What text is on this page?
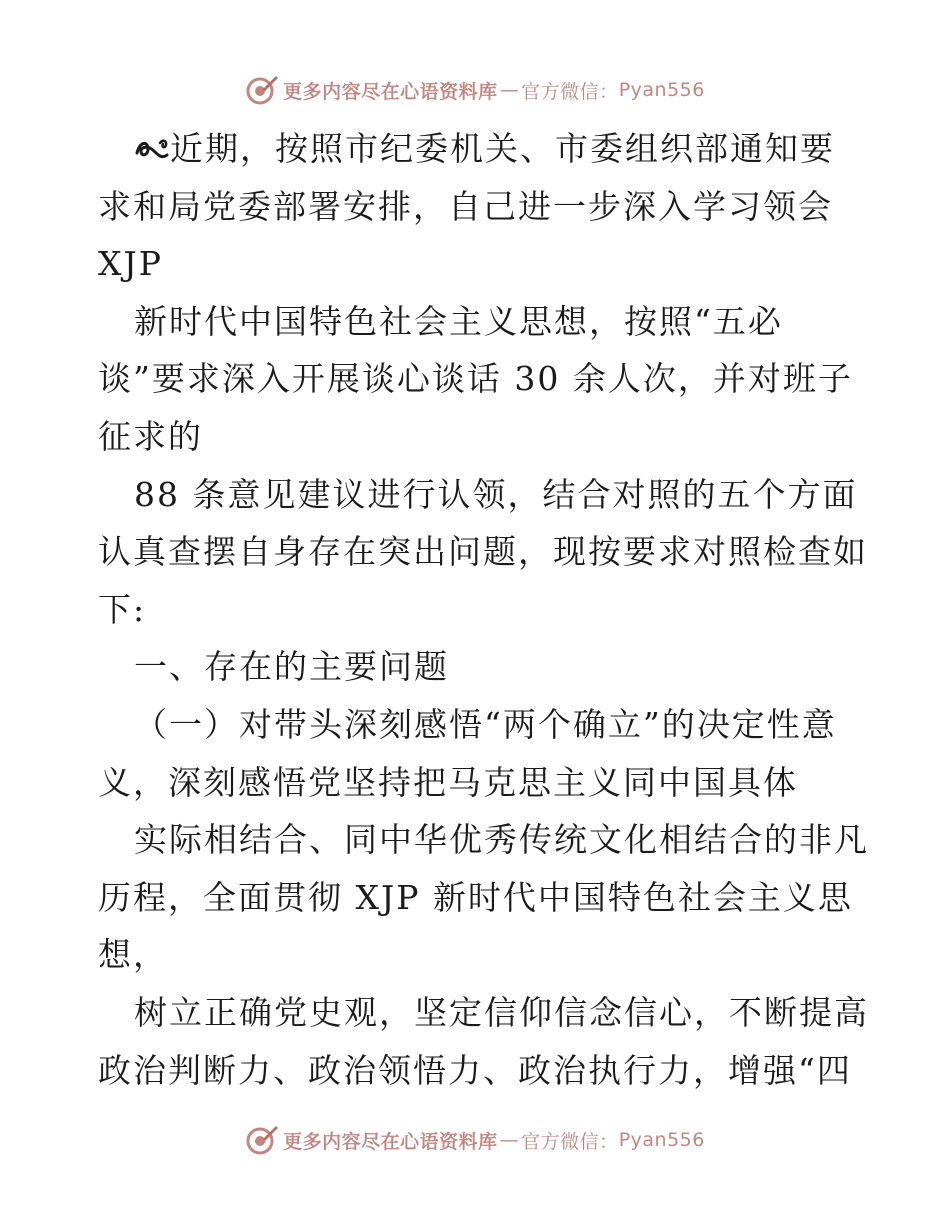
更多内容尽在心语资料库 — 官方微信： Pyan556
近期，按照市纪委机关、市委组织部通知要
求和局党委部署安排，自己进一步深入学习领会
XJP
新时代中国特色社会主义思想，按照“五必
谈”要求深入开展谈心谈话 30 余人次，并对班子
征求的
88 条意见建议进行认领，结合对照的五个方面
认真查摆自身存在突出问题，现按要求对照检查如
下:
一、存在的主要问题
（一）对带头深刻感悟“两个确立”的决定性意
义，深刻感悟党坚持把马克思主义同中国具体
实际相结合、同中华优秀传统文化相结合的非凡
历程，全面贯彻 XJP 新时代中国特色社会主义思
想，
树立正确党史观，坚定信仰信念信心，不断提高
政治判断力、政治领悟力、政治执行力，增强“四
更多内容尽在心语资料库 — 官方微信： Pyan556
